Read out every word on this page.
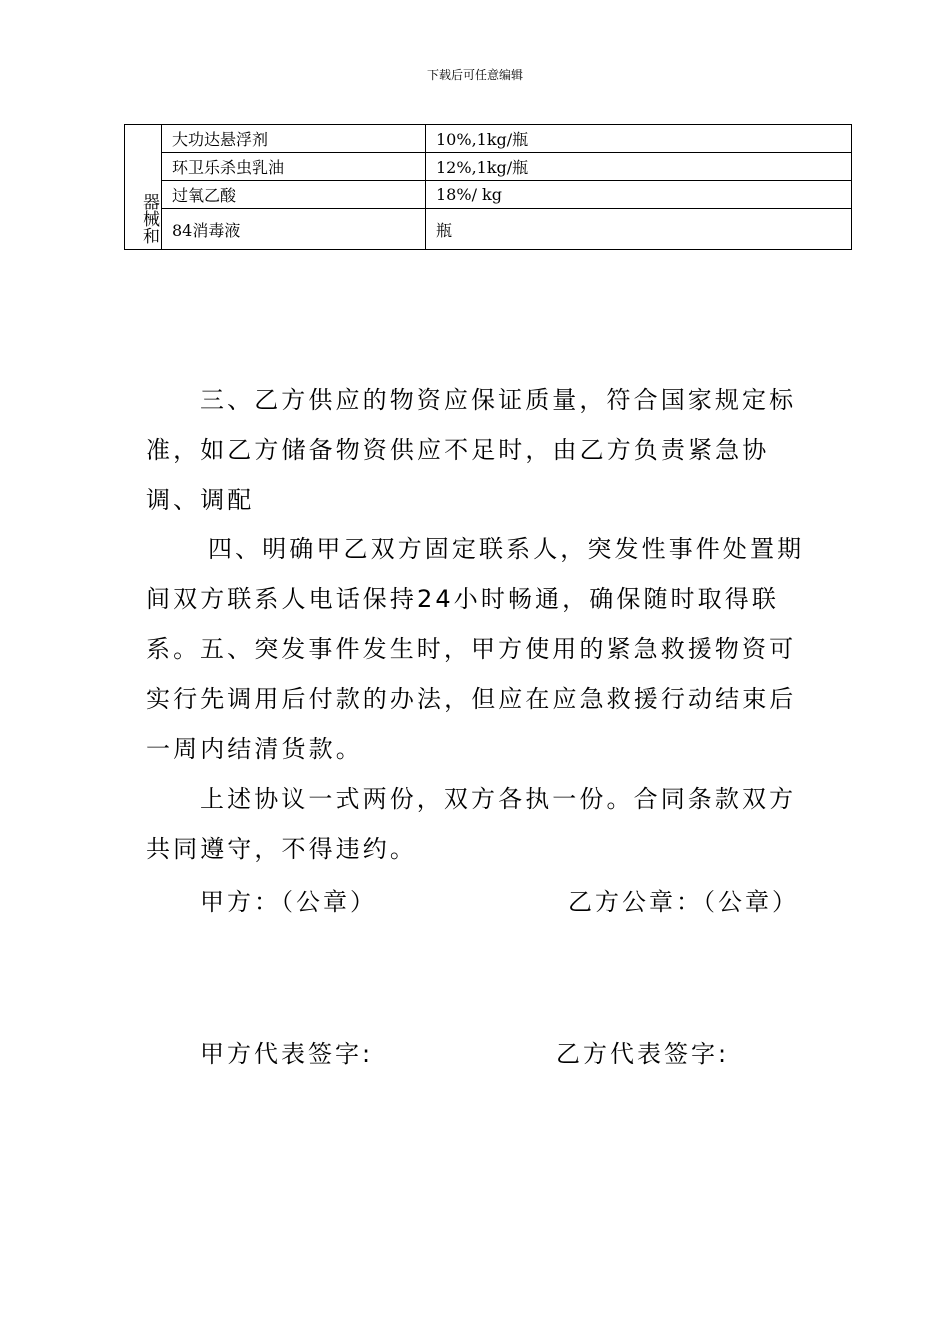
下载后可任意编辑
器械和	大功达悬浮剂	10%,1kg/瓶
	环卫乐杀虫乳油	12%,1kg/瓶
	过氧乙酸	18%/ kg
	84消毒液	瓶

三、乙方供应的物资应保证质量，符合国家规定标准，如乙方储备物资供应不足时，由乙方负责紧急协调、调配

四、明确甲乙双方固定联系人，突发性事件处置期间双方联系人电话保持24小时畅通，确保随时取得联系。 五、突发事件发生时，甲方使用的紧急救援物资可实行先调用后付款的办法，但应在应急救援行动结束后一周内结清货款。

上述协议一式两份，双方各执一份。合同条款双方共同遵守，不得违约。

甲方：（公章）	乙方公章：（公章）
甲方代表签字:	乙方代表签字:
